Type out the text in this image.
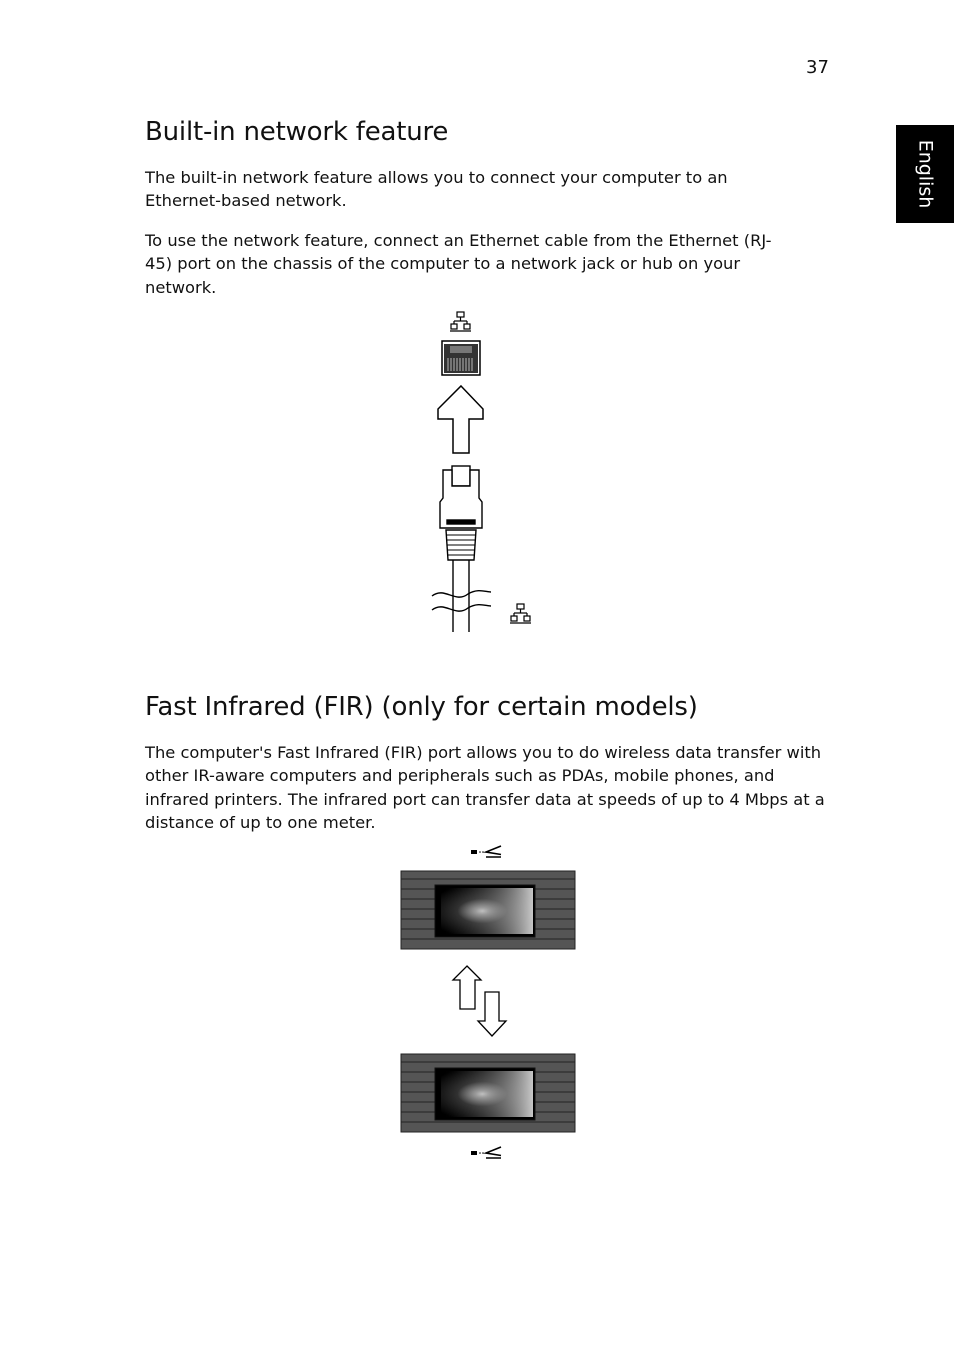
37
English
Built-in network feature

The built-in network feature allows you to connect your computer to an Ethernet-based network.

To use the network feature, connect an Ethernet cable from the Ethernet (RJ-45) port on the chassis of the computer to a network jack or hub on your network.

Fast Infrared (FIR) (only for certain models)

The computer's Fast Infrared (FIR) port allows you to do wireless data transfer with other IR-aware computers and peripherals such as PDAs, mobile phones, and infrared printers. The infrared port can transfer data at speeds of up to 4 Mbps at a distance of up to one meter.
